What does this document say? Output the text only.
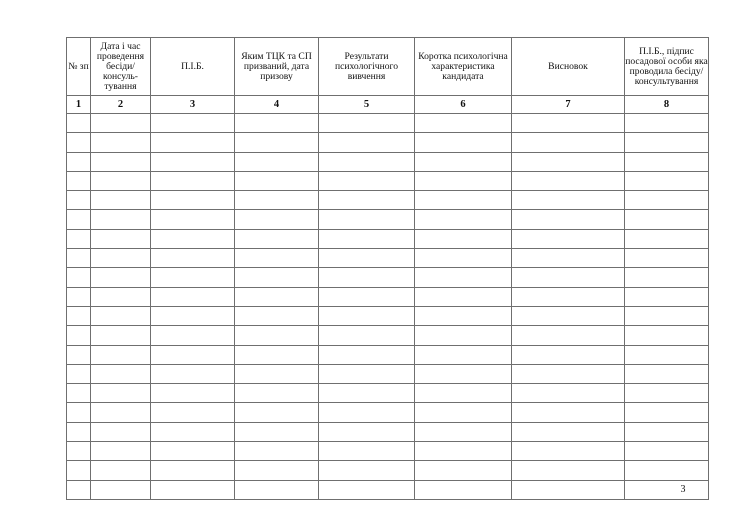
№ зп	Дата і час проведення бесіди/ консуль-тування	П.І.Б.	Яким ТЦК та СП призваний, дата призову	Результати психологічного вивчення	Коротка психологічна характеристика кандидата	Висновок	П.І.Б., підпис посадової особи яка проводила бесіду/ консультування
1	2	3	4	5	6	7	8

3
